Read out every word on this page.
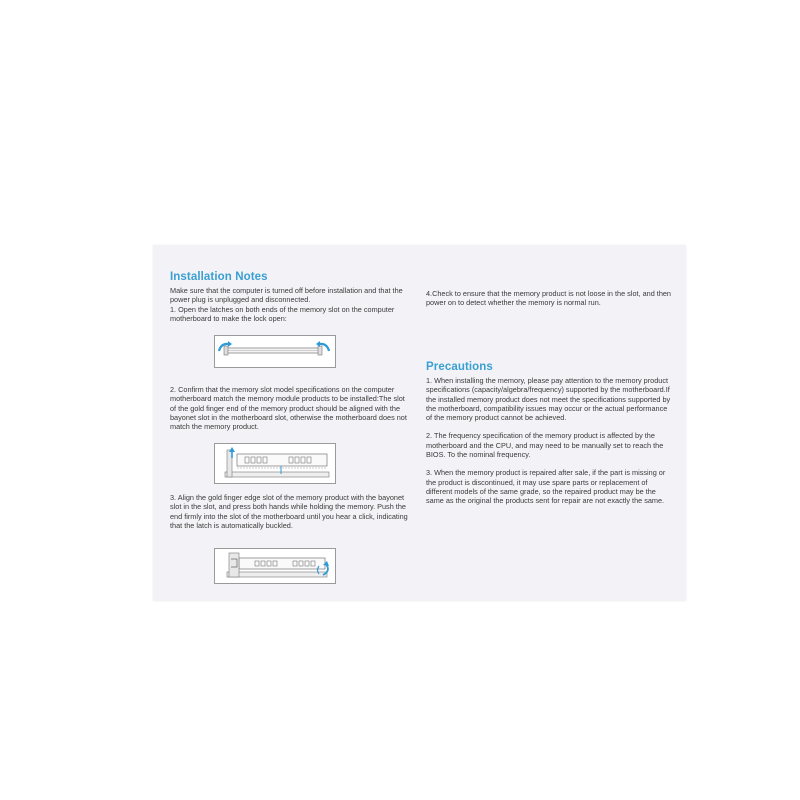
Installation Notes

Make sure that the computer is turned off before installation and that the power plug is unplugged and disconnected.

1. Open the latches on both ends of the memory slot on the computer motherboard to make the lock open:

2. Confirm that the memory slot model specifications on the computer motherboard match the memory module products to be installed:The slot of the gold finger end of the memory product should be aligned with the bayonet slot in the motherboard slot, otherwise the motherboard does not match the memory product.

3. Align the gold finger edge slot of the memory product with the bayonet slot in the slot, and press both hands while holding the memory. Push the end firmly into the slot of the motherboard until you hear a click, indicating that the latch is automatically buckled.

4.Check to ensure that the memory product is not loose in the slot, and then power on to detect whether the memory is normal run.

Precautions

1. When installing the memory, please pay attention to the memory product specifications (capacity/algebra/frequency) supported by the motherboard.If the installed memory product does not meet the specifications supported by the motherboard, compatibility issues may occur or the actual performance of the memory product cannot be achieved.

2. The frequency specification of the memory product is affected by the motherboard and the CPU, and may need to be manually set to reach the BIOS. To the nominal frequency.

3. When the memory product is repaired after sale, if the part is missing or the product is discontinued, it may use spare parts or replacement of different models of the same grade, so the repaired product may be the same as the original the products sent for repair are not exactly the same.
